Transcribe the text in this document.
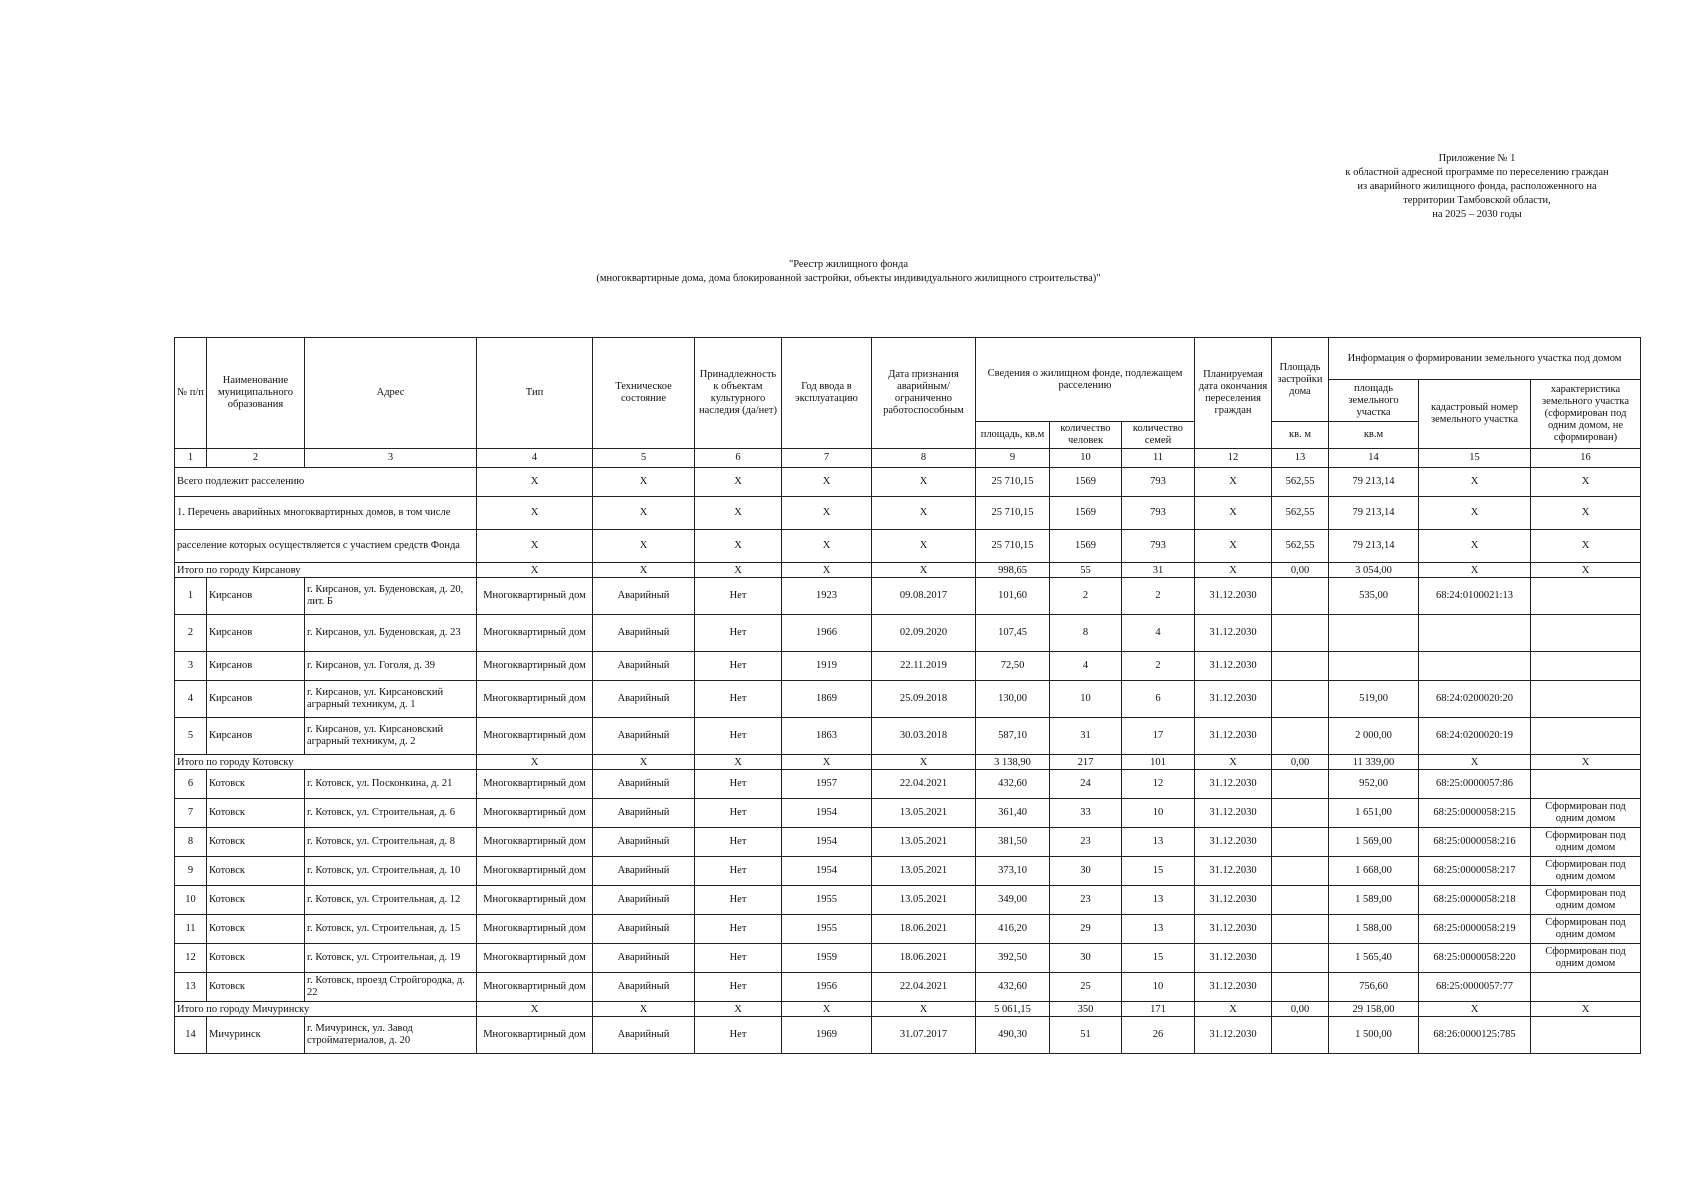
Приложение № 1
к областной адресной программе по переселению граждан
из аварийного жилищного фонда, расположенного на
территории Тамбовской области,
на 2025 – 2030 годы
"Реестр жилищного фонда
(многоквартирные дома, дома блокированной застройки, объекты индивидуального жилищного строительства)"
№ п/п	Наименование муниципального образования	Адрес	Тип	Техническое состояние	Принадлежность к объектам культурного наследия (да/нет)	Год ввода в эксплуатацию	Дата признания аварийным/ ограниченно работоспособным	Сведения о жилищном фонде, подлежащем расселению			Планируемая дата окончания переселения граждан	Площадь застройки дома	Информация о формировании земельного участка под домом		
													площадь земельного участка	кадастровый номер земельного участка	характеристика земельного участка (сформирован под одним домом, не сформирован)
								площадь, кв.м	количество человек	количество семей		кв. м	кв.м		
1	2	3	4	5	6	7	8	9	10	11	12	13	14	15	16
Всего подлежит расселению			X	X	X	X	X	25 710,15	1569	793	X	562,55	79 213,14	X	X
1. Перечень аварийных многоквартирных домов, в том числе			X	X	X	X	X	25 710,15	1569	793	X	562,55	79 213,14	X	X
расселение которых осуществляется с участием средств Фонда			X	X	X	X	X	25 710,15	1569	793	X	562,55	79 213,14	X	X
Итого по городу Кирсанову			X	X	X	X	X	998,65	55	31	X	0,00	3 054,00	X	X
1	Кирсанов	г. Кирсанов, ул. Буденовская, д. 20, лит. Б	Многоквартирный дом	Аварийный	Нет	1923	09.08.2017	101,60	2	2	31.12.2030		535,00	68:24:0100021:13	

2	Кирсанов	г. Кирсанов, ул. Буденовская, д. 23	Многоквартирный дом	Аварийный	Нет	1966	02.09.2020	107,45	8	4	31.12.2030				

3	Кирсанов	г. Кирсанов, ул. Гоголя, д. 39	Многоквартирный дом	Аварийный	Нет	1919	22.11.2019	72,50	4	2	31.12.2030				

4	Кирсанов	г. Кирсанов, ул. Кирсановский аграрный техникум, д. 1	Многоквартирный дом	Аварийный	Нет	1869	25.09.2018	130,00	10	6	31.12.2030		519,00	68:24:0200020:20	

5	Кирсанов	г. Кирсанов, ул. Кирсановский аграрный техникум, д. 2	Многоквартирный дом	Аварийный	Нет	1863	30.03.2018	587,10	31	17	31.12.2030		2 000,00	68:24:0200020:19	

Итого по городу Котовску			X	X	X	X	X	3 138,90	217	101	X	0,00	11 339,00	X	X
6	Котовск	г. Котовск, ул. Посконкина, д. 21	Многоквартирный дом	Аварийный	Нет	1957	22.04.2021	432,60	24	12	31.12.2030		952,00	68:25:0000057:86	

7	Котовск	г. Котовск, ул. Строительная, д. 6	Многоквартирный дом	Аварийный	Нет	1954	13.05.2021	361,40	33	10	31.12.2030		1 651,00	68:25:0000058:215	Сформирован под одним домом

8	Котовск	г. Котовск, ул. Строительная, д. 8	Многоквартирный дом	Аварийный	Нет	1954	13.05.2021	381,50	23	13	31.12.2030		1 569,00	68:25:0000058:216	Сформирован под одним домом

9	Котовск	г. Котовск, ул. Строительная, д. 10	Многоквартирный дом	Аварийный	Нет	1954	13.05.2021	373,10	30	15	31.12.2030		1 668,00	68:25:0000058:217	Сформирован под одним домом

10	Котовск	г. Котовск, ул. Строительная, д. 12	Многоквартирный дом	Аварийный	Нет	1955	13.05.2021	349,00	23	13	31.12.2030		1 589,00	68:25:0000058:218	Сформирован под одним домом

11	Котовск	г. Котовск, ул. Строительная, д. 15	Многоквартирный дом	Аварийный	Нет	1955	18.06.2021	416,20	29	13	31.12.2030		1 588,00	68:25:0000058:219	Сформирован под одним домом

12	Котовск	г. Котовск, ул. Строительная, д. 19	Многоквартирный дом	Аварийный	Нет	1959	18.06.2021	392,50	30	15	31.12.2030		1 565,40	68:25:0000058:220	Сформирован под одним домом

13	Котовск	г. Котовск, проезд Стройгородка, д. 22	Многоквартирный дом	Аварийный	Нет	1956	22.04.2021	432,60	25	10	31.12.2030		756,60	68:25:0000057:77	

Итого по городу Мичуринску			X	X	X	X	X	5 061,15	350	171	X	0,00	29 158,00	X	X
14	Мичуринск	г. Мичуринск, ул. Завод стройматериалов, д. 20	Многоквартирный дом	Аварийный	Нет	1969	31.07.2017	490,30	51	26	31.12.2030		1 500,00	68:26:0000125:785	
